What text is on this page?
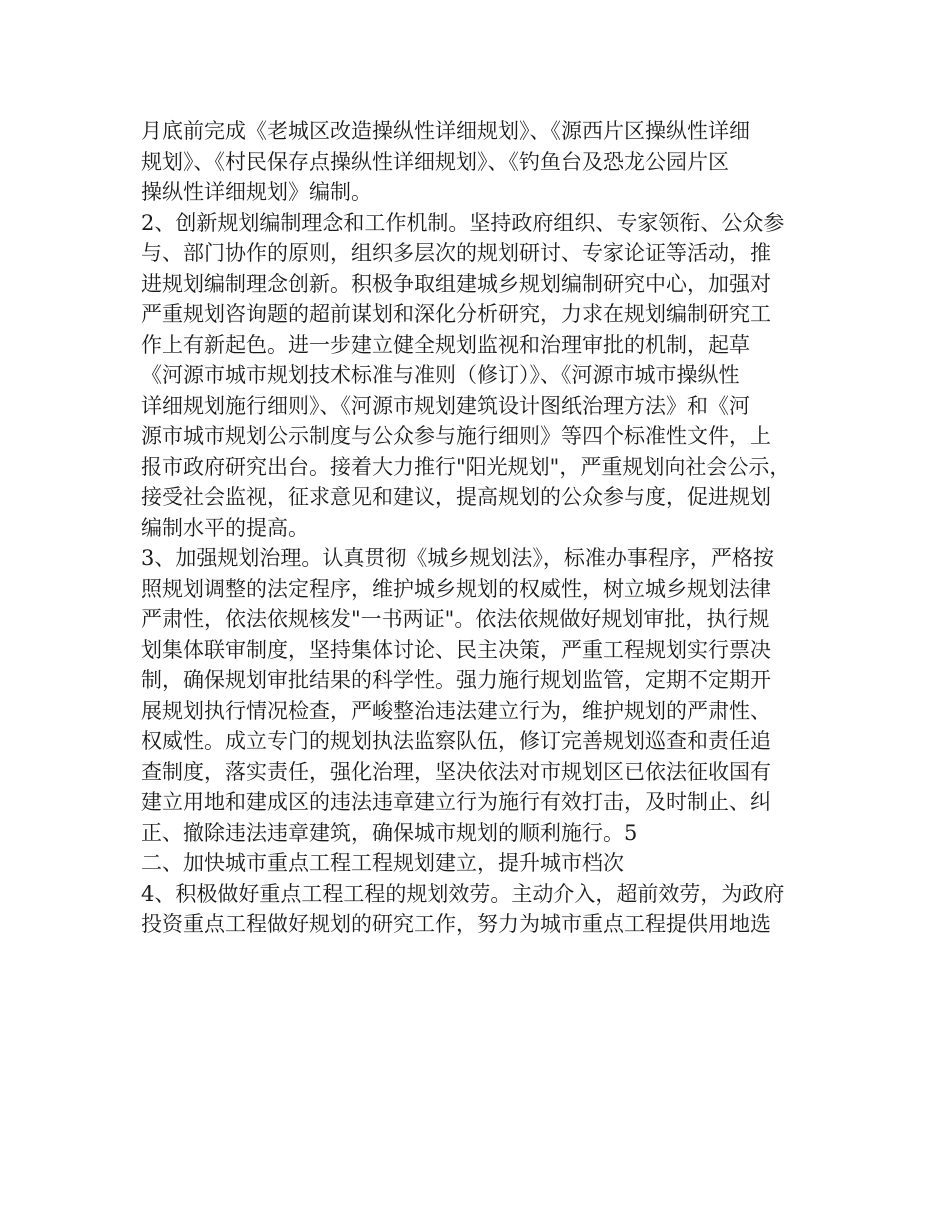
月底前完成《老城区改造操纵性详细规划》、《源西片区操纵性详细
规划》、《村民保存点操纵性详细规划》、《钓鱼台及恐龙公园片区
操纵性详细规划》编制。
2、创新规划编制理念和工作机制。坚持政府组织、专家领衔、公众参
与、部门协作的原则，组织多层次的规划研讨、专家论证等活动，推
进规划编制理念创新。积极争取组建城乡规划编制研究中心，加强对
严重规划咨询题的超前谋划和深化分析研究，力求在规划编制研究工
作上有新起色。进一步建立健全规划监视和治理审批的机制，起草
《河源市城市规划技术标准与准则（修订）》、《河源市城市操纵性
详细规划施行细则》、《河源市规划建筑设计图纸治理方法》和《河
源市城市规划公示制度与公众参与施行细则》等四个标准性文件，上
报市政府研究出台。接着大力推行"阳光规划"，严重规划向社会公示，
接受社会监视，征求意见和建议，提高规划的公众参与度，促进规划
编制水平的提高。
3、加强规划治理。认真贯彻《城乡规划法》，标准办事程序，严格按
照规划调整的法定程序，维护城乡规划的权威性，树立城乡规划法律
严肃性，依法依规核发"一书两证"。依法依规做好规划审批，执行规
划集体联审制度，坚持集体讨论、民主决策，严重工程规划实行票决
制，确保规划审批结果的科学性。强力施行规划监管，定期不定期开
展规划执行情况检查，严峻整治违法建立行为，维护规划的严肃性、
权威性。成立专门的规划执法监察队伍，修订完善规划巡查和责任追
查制度，落实责任，强化治理，坚决依法对市规划区已依法征收国有
建立用地和建成区的违法违章建立行为施行有效打击，及时制止、纠
正、撤除违法违章建筑，确保城市规划的顺利施行。5
二、加快城市重点工程工程规划建立，提升城市档次
4、积极做好重点工程工程的规划效劳。主动介入，超前效劳，为政府
投资重点工程做好规划的研究工作，努力为城市重点工程提供用地选
